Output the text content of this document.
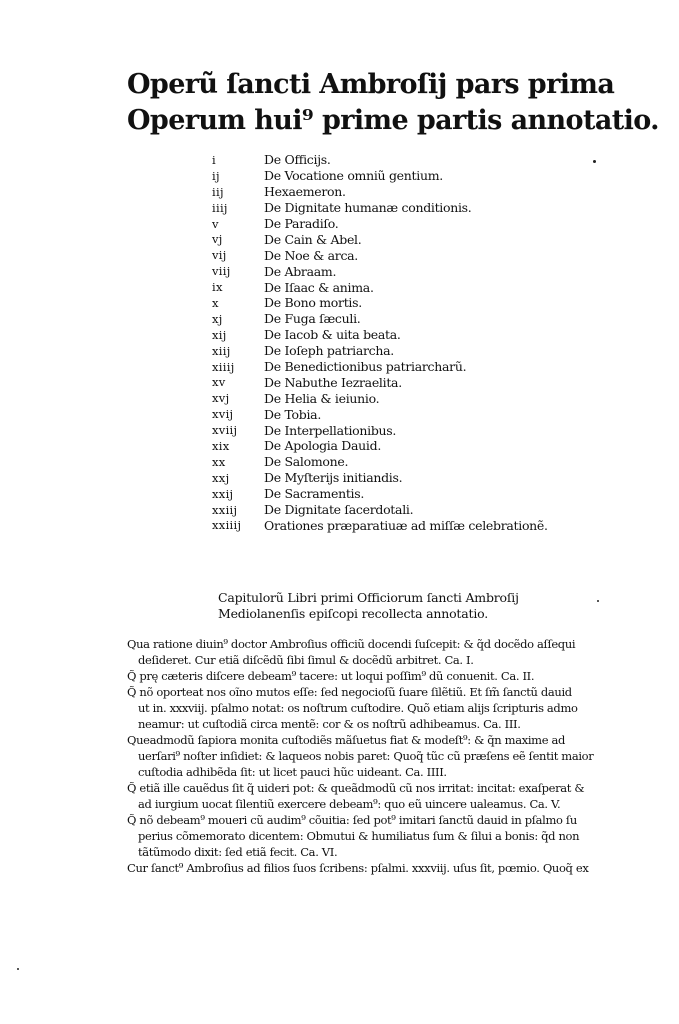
Operũ ſancti Ambroſij pars prima
Operum hui⁹ prime partis annotatio.
i	De Officijs.
ij	De Vocatione omniũ gentium.
iij	Hexaemeron.
iiij	De Dignitate humanæ conditionis.
v	De Paradiſo.
vj	De Cain & Abel.
vij	De Noe & arca.
viij	De Abraam.
ix	De Iſaac & anima.
x	De Bono mortis.
xj	De Fuga ſæculi.
xij	De Iacob & uita beata.
xiij	De Ioſeph patriarcha.
xiiij	De Benedictionibus patriarcharũ.
xv	De Nabuthe Iezraelita.
xvj	De Helia & ieiunio.
xvij	De Tobia.
xviij	De Interpellationibus.
xix	De Apologia Dauid.
xx	De Salomone.
xxj	De Myſterijs initiandis.
xxij	De Sacramentis.
xxiij	De Dignitate ſacerdotali.
xxiiij	Orationes præparatiuæ ad miſſæ celebrationẽ.
Capitulorũ Libri primi Officiorum ſancti Ambroſij
Mediolanenſis epiſcopi recollecta annotatio.
Qua ratione diuin⁹ doctor Ambroſius officiũ docendi ſuſcepit: & q̃d docẽdo aſſequi
deſideret. Cur etiã diſcẽdũ ſibi ſimul & docẽdũ arbitret. Ca. I.
Q̃ prę cæteris diſcere debeam⁹ tacere: ut loqui poſſim⁹ dũ conuenit. Ca. II.
Q̃ nõ oporteat nos oĩno mutos eſſe: ſed negocioſũ ſuare ſilẽtiũ. Et ſm̃ ſanctũ dauid
ut in. xxxviij. pſalmo notat: os noſtrum cuſtodire. Quõ etiam alijs ſcripturis admo
neamur: ut cuſtodiã circa mentẽ: cor & os noſtrũ adhibeamus. Ca. III.
Queadmodũ ſapiora monita cuſtodiẽs mãſuetus fiat & modeſt⁹: & q̃n maxime ad
uerſari⁹ noſter inſidiet: & laqueos nobis paret: Quoq̃ tũc cũ præſens eẽ ſentit maior
cuſtodia adhibẽda ſit: ut licet pauci hũc uideant. Ca. IIII.
Q̃ etiã ille cauẽdus ſit q̃ uideri pot: & queãdmodũ cũ nos irritat: incitat: exaſperat &
ad iurgium uocat ſilentiũ exercere debeam⁹: quo eũ uincere ualeamus. Ca. V.
Q̃ nõ debeam⁹ moueri cũ audim⁹ cõuitia: ſed pot⁹ imitari ſanctũ dauid in pſalmo ſu
perius cõmemorato dicentem: Obmutui & humiliatus ſum & ſilui a bonis: q̃d non
tãtũmodo dixit: ſed etiã fecit. Ca. VI.
Cur ſanct⁹ Ambroſius ad filios ſuos ſcribens: pſalmi. xxxviij. uſus ſit, pœmio. Quoq̃ ex
